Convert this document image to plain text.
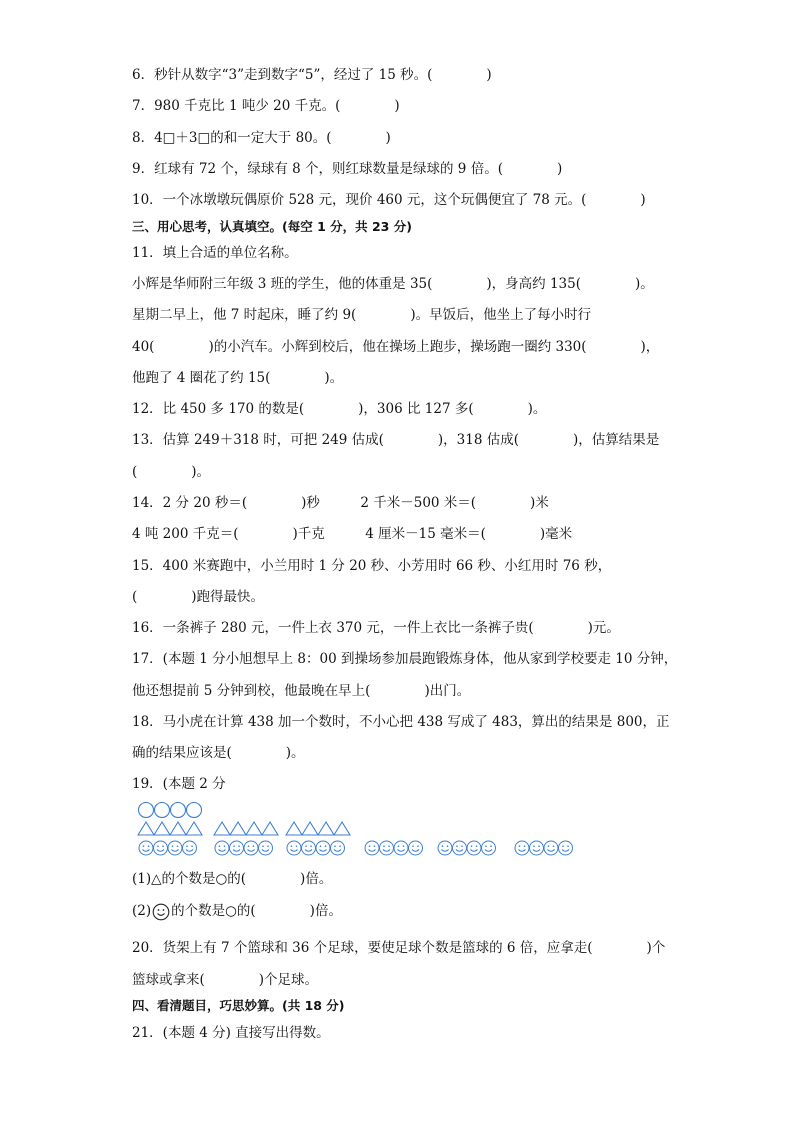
6．秒针从数字“3”走到数字“5”，经过了 15 秒。(　　　　)
7．980 千克比 1 吨少 20 千克。(　　　　)
8．4□＋3□的和一定大于 80。(　　　　)
9．红球有 72 个，绿球有 8 个，则红球数量是绿球的 9 倍。(　　　　)
10．一个冰墩墩玩偶原价 528 元，现价 460 元，这个玩偶便宜了 78 元。(　　　　)
三、用心思考，认真填空。(每空 1 分，共 23 分)
11．填上合适的单位名称。
小辉是华师附三年级 3 班的学生，他的体重是 35(　　　　)，身高约 135(　　　　)。
星期二早上，他 7 时起床，睡了约 9(　　　　)。早饭后，他坐上了每小时行
40(　　　　)的小汽车。小辉到校后，他在操场上跑步，操场跑一圈约 330(　　　　)，
他跑了 4 圈花了约 15(　　　　)。
12．比 450 多 170 的数是(　　　　)，306 比 127 多(　　　　)。
13．估算 249＋318 时，可把 249 估成(　　　　)，318 估成(　　　　)，估算结果是
(　　　　)。
14．2 分 20 秒＝(　　　　)秒　　　2 千米－500 米＝(　　　　)米
4 吨 200 千克＝(　　　　)千克　　　4 厘米－15 毫米＝(　　　　)毫米
15．400 米赛跑中，小兰用时 1 分 20 秒、小芳用时 66 秒、小红用时 76 秒，
(　　　　)跑得最快。
16．一条裤子 280 元，一件上衣 370 元，一件上衣比一条裤子贵(　　　　)元。
17．(本题 1 分小旭想早上 8：00 到操场参加晨跑锻炼身体，他从家到学校要走 10 分钟，
他还想提前 5 分钟到校，他最晚在早上(　　　　)出门。
18．马小虎在计算 438 加一个数时，不小心把 438 写成了 483，算出的结果是 800，正
确的结果应该是(　　　　)。
19．(本题 2 分
(1)△的个数是○的(　　　　)倍。
(2) 的个数是○的(　　　　)倍。
20．货架上有 7 个篮球和 36 个足球，要使足球个数是篮球的 6 倍，应拿走(　　　　)个
篮球或拿来(　　　　)个足球。
四、看清题目，巧思妙算。(共 18 分)
21．(本题 4 分) 直接写出得数。
